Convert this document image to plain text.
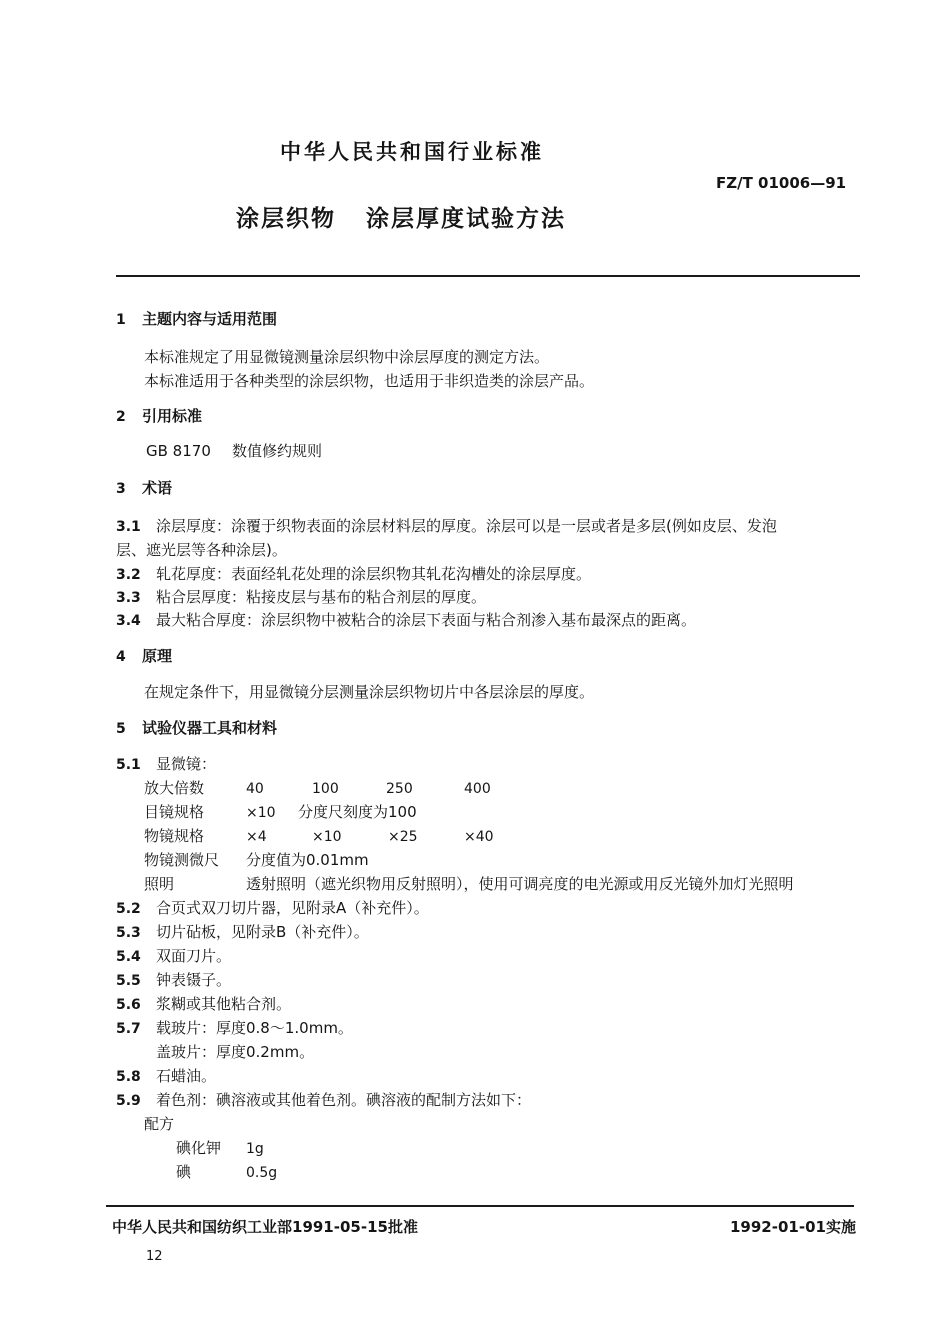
中华人民共和国行业标准
FZ/T 01006—91
涂层织物   涂层厚度试验方法
1 主题内容与适用范围
本标准规定了用显微镜测量涂层织物中涂层厚度的测定方法。
本标准适用于各种类型的涂层织物，也适用于非织造类的涂层产品。
2 引用标准
GB 8170 数值修约规则
3 术语
3.1 涂层厚度：涂覆于织物表面的涂层材料层的厚度。涂层可以是一层或者是多层(例如皮层、发泡
层、遮光层等各种涂层)。
3.2 轧花厚度：表面经轧花处理的涂层织物其轧花沟槽处的涂层厚度。
3.3 粘合层厚度：粘接皮层与基布的粘合剂层的厚度。
3.4 最大粘合厚度：涂层织物中被粘合的涂层下表面与粘合剂渗入基布最深点的距离。
4 原理
在规定条件下，用显微镜分层测量涂层织物切片中各层涂层的厚度。
5 试验仪器工具和材料
5.1 显微镜：
放大倍数	40	100	250	400
目镜规格	×10 分度尺刻度为100
物镜规格	×4	×10	×25	×40
物镜测微尺 分度值为0.01mm
照明	透射照明（遮光织物用反射照明），使用可调亮度的电光源或用反光镜外加灯光照明
5.2 合页式双刀切片器，见附录A（补充件）。
5.3 切片砧板，见附录B（补充件）。
5.4 双面刀片。
5.5 钟表镊子。
5.6 浆糊或其他粘合剂。
5.7 载玻片：厚度0.8～1.0mm。
盖玻片：厚度0.2mm。
5.8 石蜡油。
5.9 着色剂：碘溶液或其他着色剂。碘溶液的配制方法如下：
配方
碘化钾 1g
碘	0.5g
中华人民共和国纺织工业部1991-05-15批准	1992-01-01实施
12
